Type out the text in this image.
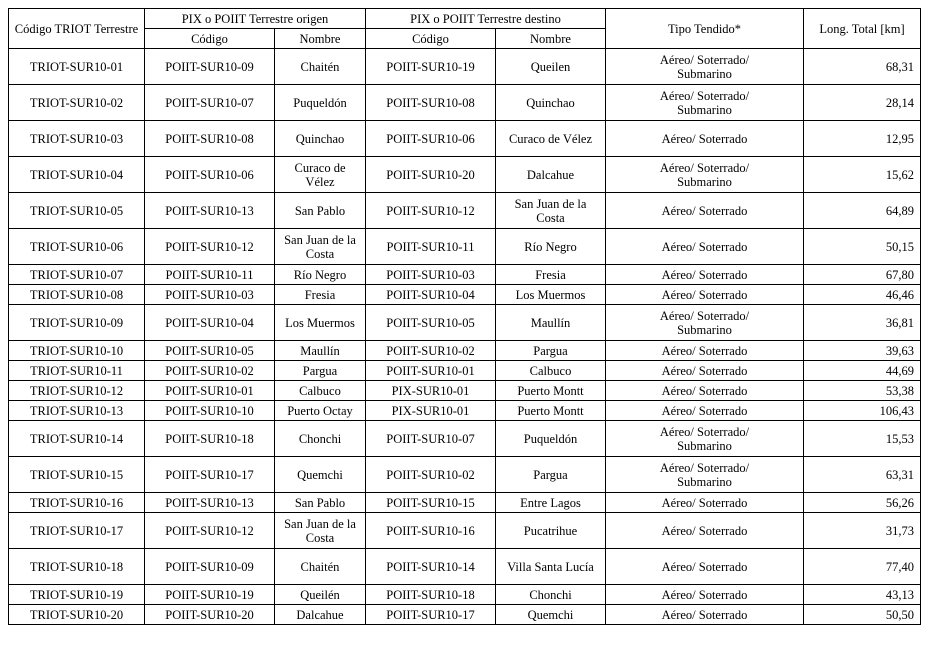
Código TRIOT Terrestre	PIX o POIIT Terrestre origen		PIX o POIIT Terrestre destino		Tipo Tendido*	Long. Total [km]
	Código	Nombre	Código	Nombre		
TRIOT-SUR10-01	POIIT-SUR10-09	Chaitén	POIIT-SUR10-19	Queilen	Aéreo/ Soterrado/ Submarino	68,31
TRIOT-SUR10-02	POIIT-SUR10-07	Puqueldón	POIIT-SUR10-08	Quinchao	Aéreo/ Soterrado/ Submarino	28,14
TRIOT-SUR10-03	POIIT-SUR10-08	Quinchao	POIIT-SUR10-06	Curaco de Vélez	Aéreo/ Soterrado	12,95
TRIOT-SUR10-04	POIIT-SUR10-06	Curaco de Vélez	POIIT-SUR10-20	Dalcahue	Aéreo/ Soterrado/ Submarino	15,62
TRIOT-SUR10-05	POIIT-SUR10-13	San Pablo	POIIT-SUR10-12	San Juan de la Costa	Aéreo/ Soterrado	64,89
TRIOT-SUR10-06	POIIT-SUR10-12	San Juan de la Costa	POIIT-SUR10-11	Río Negro	Aéreo/ Soterrado	50,15
TRIOT-SUR10-07	POIIT-SUR10-11	Río Negro	POIIT-SUR10-03	Fresia	Aéreo/ Soterrado	67,80
TRIOT-SUR10-08	POIIT-SUR10-03	Fresia	POIIT-SUR10-04	Los Muermos	Aéreo/ Soterrado	46,46
TRIOT-SUR10-09	POIIT-SUR10-04	Los Muermos	POIIT-SUR10-05	Maullín	Aéreo/ Soterrado/ Submarino	36,81
TRIOT-SUR10-10	POIIT-SUR10-05	Maullín	POIIT-SUR10-02	Pargua	Aéreo/ Soterrado	39,63
TRIOT-SUR10-11	POIIT-SUR10-02	Pargua	POIIT-SUR10-01	Calbuco	Aéreo/ Soterrado	44,69
TRIOT-SUR10-12	POIIT-SUR10-01	Calbuco	PIX-SUR10-01	Puerto Montt	Aéreo/ Soterrado	53,38
TRIOT-SUR10-13	POIIT-SUR10-10	Puerto Octay	PIX-SUR10-01	Puerto Montt	Aéreo/ Soterrado	106,43
TRIOT-SUR10-14	POIIT-SUR10-18	Chonchi	POIIT-SUR10-07	Puqueldón	Aéreo/ Soterrado/ Submarino	15,53
TRIOT-SUR10-15	POIIT-SUR10-17	Quemchi	POIIT-SUR10-02	Pargua	Aéreo/ Soterrado/ Submarino	63,31
TRIOT-SUR10-16	POIIT-SUR10-13	San Pablo	POIIT-SUR10-15	Entre Lagos	Aéreo/ Soterrado	56,26
TRIOT-SUR10-17	POIIT-SUR10-12	San Juan de la Costa	POIIT-SUR10-16	Pucatrihue	Aéreo/ Soterrado	31,73
TRIOT-SUR10-18	POIIT-SUR10-09	Chaitén	POIIT-SUR10-14	Villa Santa Lucía	Aéreo/ Soterrado	77,40
TRIOT-SUR10-19	POIIT-SUR10-19	Queilén	POIIT-SUR10-18	Chonchi	Aéreo/ Soterrado	43,13
TRIOT-SUR10-20	POIIT-SUR10-20	Dalcahue	POIIT-SUR10-17	Quemchi	Aéreo/ Soterrado	50,50
